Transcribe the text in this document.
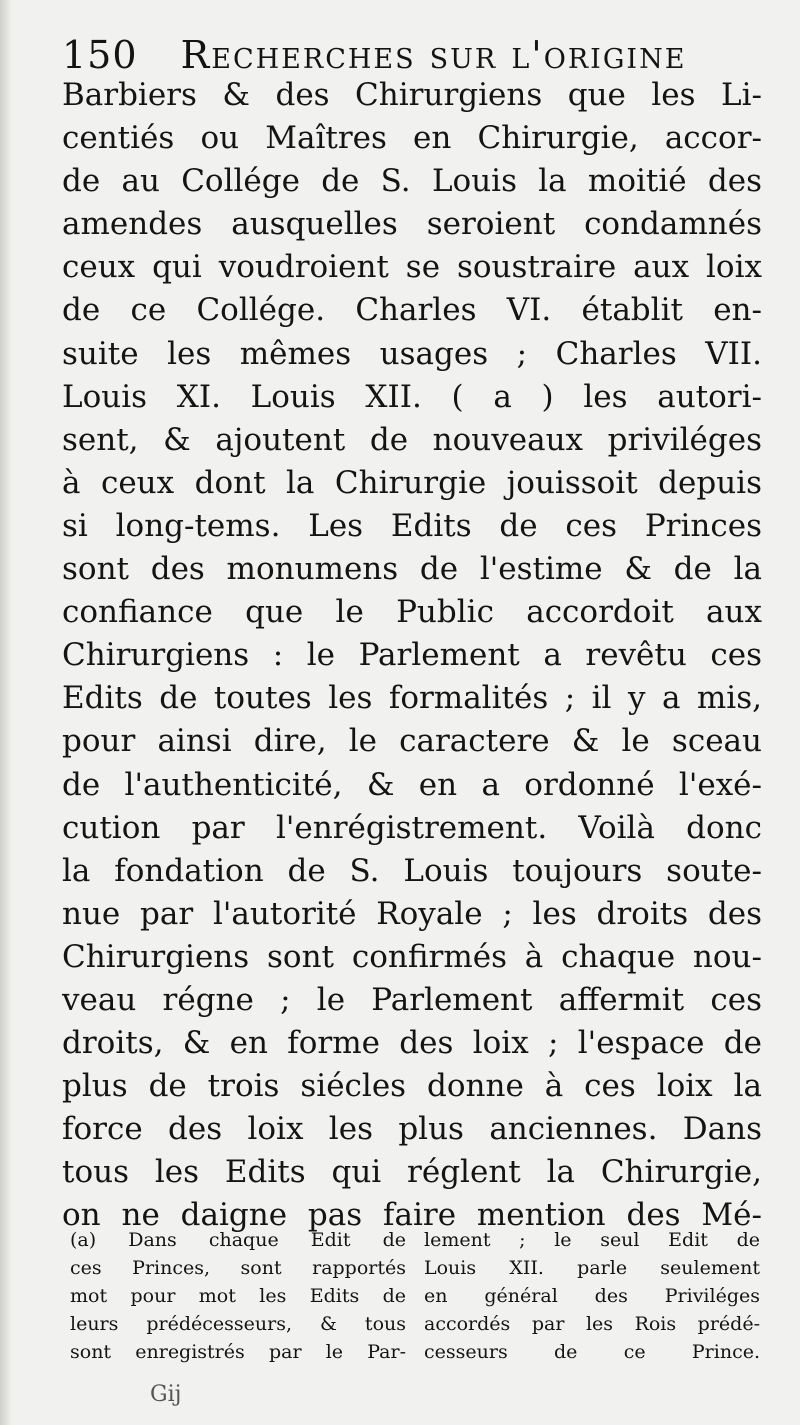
150 Recherches sur l'origine
Barbiers & des Chirurgiens que les Li-
centiés ou Maîtres en Chirurgie, accor-
de au Collége de S. Louis la moitié des
amendes ausquelles seroient condamnés
ceux qui voudroient se soustraire aux loix
de ce Collége. Charles VI. établit en-
suite les mêmes usages ; Charles VII.
Louis XI. Louis XII. ( a ) les autori-
sent, & ajoutent de nouveaux priviléges
à ceux dont la Chirurgie jouissoit depuis
si long-tems. Les Edits de ces Princes
sont des monumens de l'estime & de la
confiance que le Public accordoit aux
Chirurgiens : le Parlement a revêtu ces
Edits de toutes les formalités ; il y a mis,
pour ainsi dire, le caractere & le sceau
de l'authenticité, & en a ordonné l'exé-
cution par l'enrégistrement. Voilà donc
la fondation de S. Louis toujours soute-
nue par l'autorité Royale ; les droits des
Chirurgiens sont confirmés à chaque nou-
veau régne ; le Parlement affermit ces
droits, & en forme des loix ; l'espace de
plus de trois siécles donne à ces loix la
force des loix les plus anciennes. Dans
tous les Edits qui réglent la Chirurgie,
on ne daigne pas faire mention des Mé-
(a) Dans chaque Edit de
ces Princes, sont rapportés
mot pour mot les Edits de
leurs prédécesseurs, & tous
sont enregistrés par le Par-
lement ; le seul Edit de
Louis XII. parle seulement
en général des Priviléges
accordés par les Rois prédé-
cesseurs de ce Prince.
Gij
